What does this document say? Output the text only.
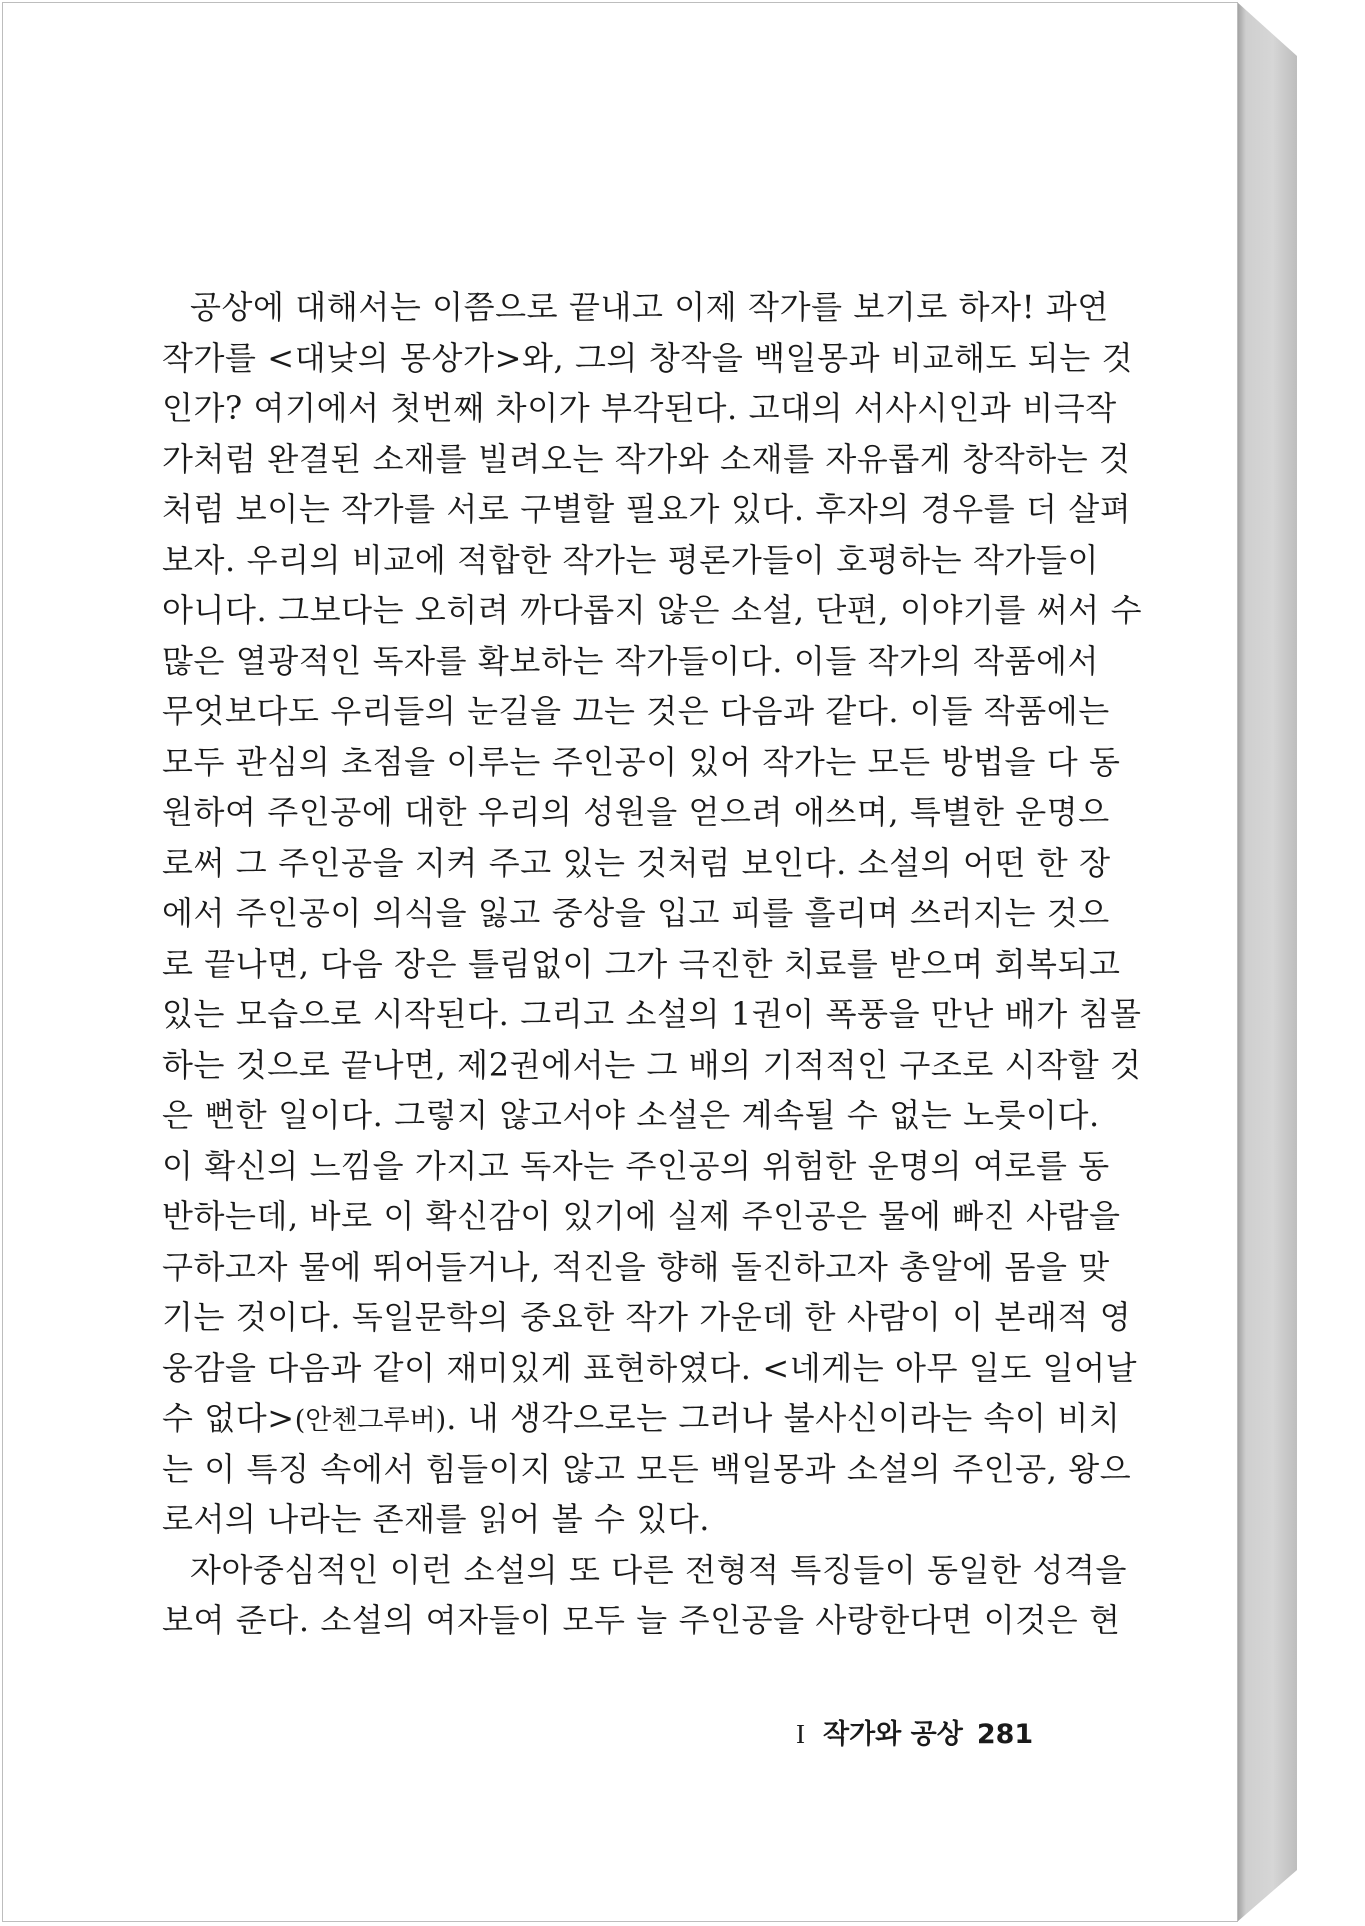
공상에 대해서는 이쯤으로 끝내고 이제 작가를 보기로 하자! 과연
작가를 <대낮의 몽상가>와, 그의 창작을 백일몽과 비교해도 되는 것
인가? 여기에서 첫번째 차이가 부각된다. 고대의 서사시인과 비극작
가처럼 완결된 소재를 빌려오는 작가와 소재를 자유롭게 창작하는 것
처럼 보이는 작가를 서로 구별할 필요가 있다. 후자의 경우를 더 살펴
보자. 우리의 비교에 적합한 작가는 평론가들이 호평하는 작가들이
아니다. 그보다는 오히려 까다롭지 않은 소설, 단편, 이야기를 써서 수
많은 열광적인 독자를 확보하는 작가들이다. 이들 작가의 작품에서
무엇보다도 우리들의 눈길을 끄는 것은 다음과 같다. 이들 작품에는
모두 관심의 초점을 이루는 주인공이 있어 작가는 모든 방법을 다 동
원하여 주인공에 대한 우리의 성원을 얻으려 애쓰며, 특별한 운명으
로써 그 주인공을 지켜 주고 있는 것처럼 보인다. 소설의 어떤 한 장
에서 주인공이 의식을 잃고 중상을 입고 피를 흘리며 쓰러지는 것으
로 끝나면, 다음 장은 틀림없이 그가 극진한 치료를 받으며 회복되고
있는 모습으로 시작된다. 그리고 소설의 1권이 폭풍을 만난 배가 침몰
하는 것으로 끝나면, 제2권에서는 그 배의 기적적인 구조로 시작할 것
은 뻔한 일이다. 그렇지 않고서야 소설은 계속될 수 없는 노릇이다.
이 확신의 느낌을 가지고 독자는 주인공의 위험한 운명의 여로를 동
반하는데, 바로 이 확신감이 있기에 실제 주인공은 물에 빠진 사람을
구하고자 물에 뛰어들거나, 적진을 향해 돌진하고자 총알에 몸을 맞
기는 것이다. 독일문학의 중요한 작가 가운데 한 사람이 이 본래적 영
웅감을 다음과 같이 재미있게 표현하였다. <네게는 아무 일도 일어날
수 없다>(안첸그루버). 내 생각으로는 그러나 불사신이라는 속이 비치
는 이 특징 속에서 힘들이지 않고 모든 백일몽과 소설의 주인공, 왕으
로서의 나라는 존재를 읽어 볼 수 있다.
자아중심적인 이런 소설의 또 다른 전형적 특징들이 동일한 성격을
보여 준다. 소설의 여자들이 모두 늘 주인공을 사랑한다면 이것은 현
I 작가와 공상 281
